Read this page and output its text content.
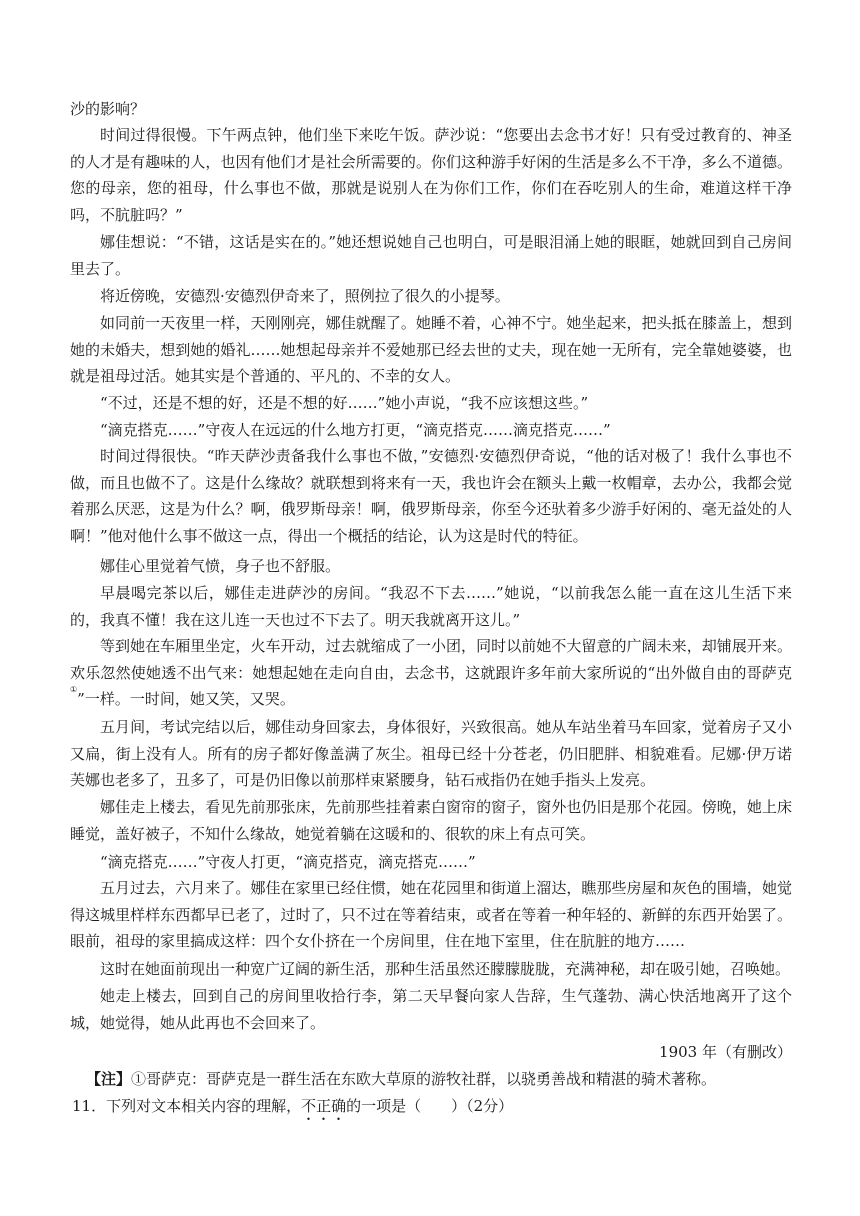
沙的影响？

时间过得很慢。下午两点钟，他们坐下来吃午饭。萨沙说：“您要出去念书才好！只有受过教育的、神圣的人才是有趣味的人，也因有他们才是社会所需要的。你们这种游手好闲的生活是多么不干净，多么不道德。您的母亲，您的祖母，什么事也不做，那就是说别人在为你们工作，你们在吞吃别人的生命，难道这样干净吗，不肮脏吗？”

娜佳想说：“不错，这话是实在的。”她还想说她自己也明白，可是眼泪涌上她的眼眶，她就回到自己房间里去了。

将近傍晚，安德烈·安德烈伊奇来了，照例拉了很久的小提琴。

如同前一天夜里一样，天刚刚亮，娜佳就醒了。她睡不着，心神不宁。她坐起来，把头抵在膝盖上，想到她的未婚夫，想到她的婚礼……她想起母亲并不爱她那已经去世的丈夫，现在她一无所有，完全靠她婆婆，也就是祖母过活。她其实是个普通的、平凡的、不幸的女人。

“不过，还是不想的好，还是不想的好……”她小声说，“我不应该想这些。”

“滴克搭克……”守夜人在远远的什么地方打更，“滴克搭克……滴克搭克……”

时间过得很快。“昨天萨沙责备我什么事也不做，”安德烈·安德烈伊奇说，“他的话对极了！我什么事也不做，而且也做不了。这是什么缘故？就联想到将来有一天，我也许会在额头上戴一枚帽章，去办公，我都会觉着那么厌恶，这是为什么？啊，俄罗斯母亲！啊，俄罗斯母亲，你至今还驮着多少游手好闲的、毫无益处的人啊！”他对他什么事不做这一点，得出一个概括的结论，认为这是时代的特征。

娜佳心里觉着气愤，身子也不舒服。

早晨喝完茶以后，娜佳走进萨沙的房间。“我忍不下去……”她说，“以前我怎么能一直在这儿生活下来的，我真不懂！我在这儿连一天也过不下去了。明天我就离开这儿。”

等到她在车厢里坐定，火车开动，过去就缩成了一小团，同时以前她不大留意的广阔未来，却铺展开来。欢乐忽然使她透不出气来：她想起她在走向自由，去念书，这就跟许多年前大家所说的“出外做自由的哥萨克①”一样。一时间，她又笑，又哭。

五月间，考试完结以后，娜佳动身回家去，身体很好，兴致很高。她从车站坐着马车回家，觉着房子又小又扁，街上没有人。所有的房子都好像盖满了灰尘。祖母已经十分苍老，仍旧肥胖、相貌难看。尼娜·伊万诺芙娜也老多了，丑多了，可是仍旧像以前那样束紧腰身，钻石戒指仍在她手指头上发亮。

娜佳走上楼去，看见先前那张床，先前那些挂着素白窗帘的窗子，窗外也仍旧是那个花园。傍晚，她上床睡觉，盖好被子，不知什么缘故，她觉着躺在这暖和的、很软的床上有点可笑。

“滴克搭克……”守夜人打更，“滴克搭克，滴克搭克……”

五月过去，六月来了。娜佳在家里已经住惯，她在花园里和街道上溜达，瞧那些房屋和灰色的围墙，她觉得这城里样样东西都早已老了，过时了，只不过在等着结束，或者在等着一种年轻的、新鲜的东西开始罢了。眼前，祖母的家里搞成这样：四个女仆挤在一个房间里，住在地下室里，住在肮脏的地方……

这时在她面前现出一种宽广辽阔的新生活，那种生活虽然还朦朦胧胧，充满神秘，却在吸引她，召唤她。

她走上楼去，回到自己的房间里收拾行李，第二天早餐向家人告辞，生气蓬勃、满心快活地离开了这个城，她觉得，她从此再也不会回来了。

1903 年（有删改）

【注】①哥萨克：哥萨克是一群生活在东欧大草原的游牧社群，以骁勇善战和精湛的骑术著称。

11．下列对文本相关内容的理解，不正确的一项是（　　）（2分）
